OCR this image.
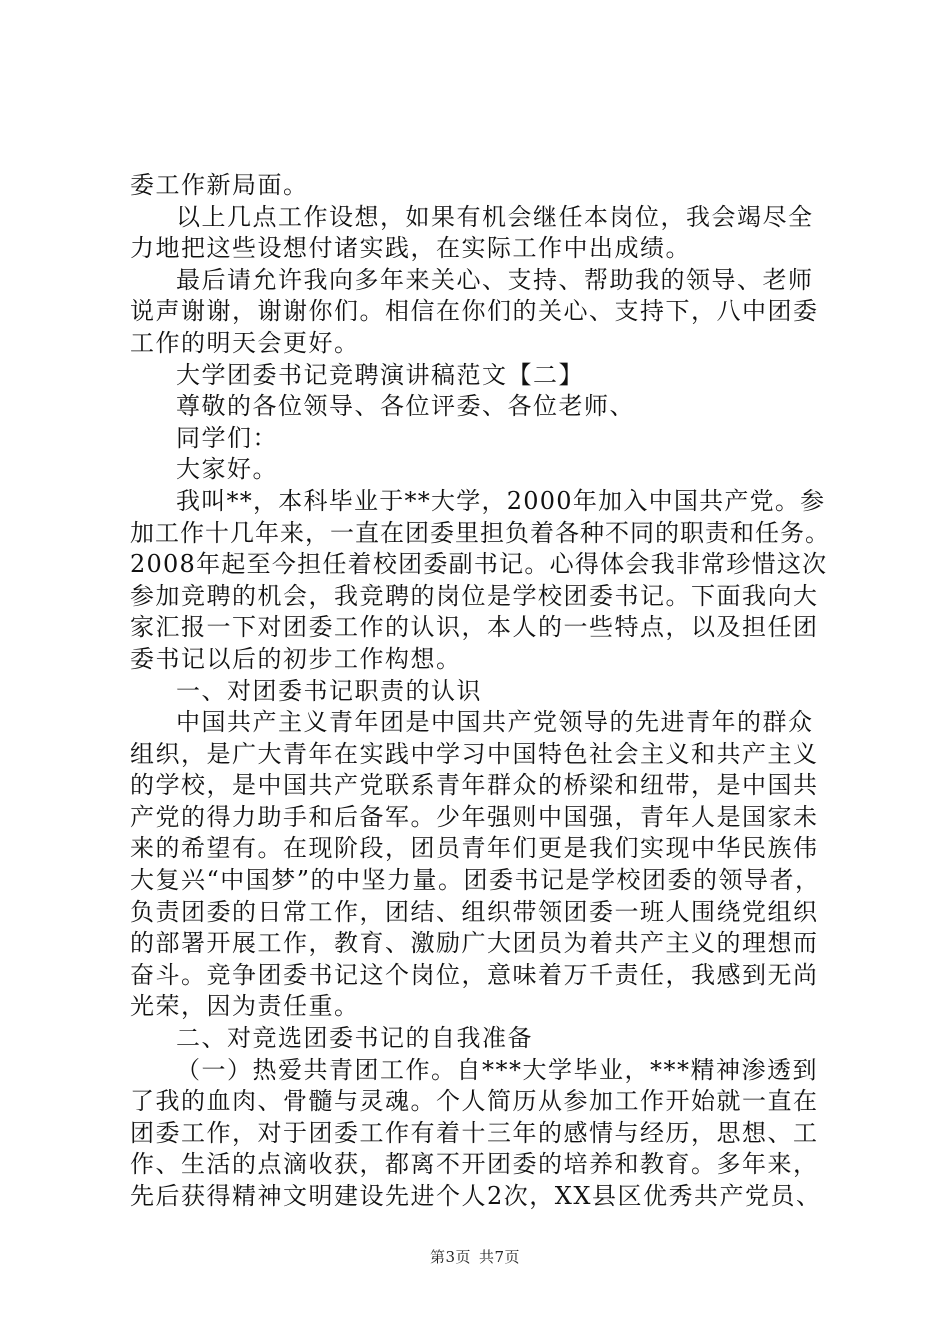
委工作新局面。
以上几点工作设想，如果有机会继任本岗位，我会竭尽全
力地把这些设想付诸实践，在实际工作中出成绩。
最后请允许我向多年来关心、支持、帮助我的领导、老师
说声谢谢，谢谢你们。相信在你们的关心、支持下，八中团委
工作的明天会更好。
大学团委书记竞聘演讲稿范文【二】
尊敬的各位领导、各位评委、各位老师、
同学们：
大家好。
我叫**，本科毕业于**大学，2000年加入中国共产党。参
加工作十几年来，一直在团委里担负着各种不同的职责和任务。
2008年起至今担任着校团委副书记。心得体会我非常珍惜这次
参加竞聘的机会，我竞聘的岗位是学校团委书记。下面我向大
家汇报一下对团委工作的认识，本人的一些特点，以及担任团
委书记以后的初步工作构想。
一、对团委书记职责的认识
中国共产主义青年团是中国共产党领导的先进青年的群众
组织，是广大青年在实践中学习中国特色社会主义和共产主义
的学校，是中国共产党联系青年群众的桥梁和纽带，是中国共
产党的得力助手和后备军。少年强则中国强，青年人是国家未
来的希望有。在现阶段，团员青年们更是我们实现中华民族伟
大复兴“中国梦”的中坚力量。团委书记是学校团委的领导者，
负责团委的日常工作，团结、组织带领团委一班人围绕党组织
的部署开展工作，教育、激励广大团员为着共产主义的理想而
奋斗。竞争团委书记这个岗位，意味着万千责任，我感到无尚
光荣，因为责任重。
二、对竞选团委书记的自我准备
（一）热爱共青团工作。自***大学毕业，***精神渗透到
了我的血肉、骨髓与灵魂。个人简历从参加工作开始就一直在
团委工作，对于团委工作有着十三年的感情与经历，思想、工
作、生活的点滴收获，都离不开团委的培养和教育。多年来，
先后获得精神文明建设先进个人2次，XX县区优秀共产党员、
第3页 共7页
